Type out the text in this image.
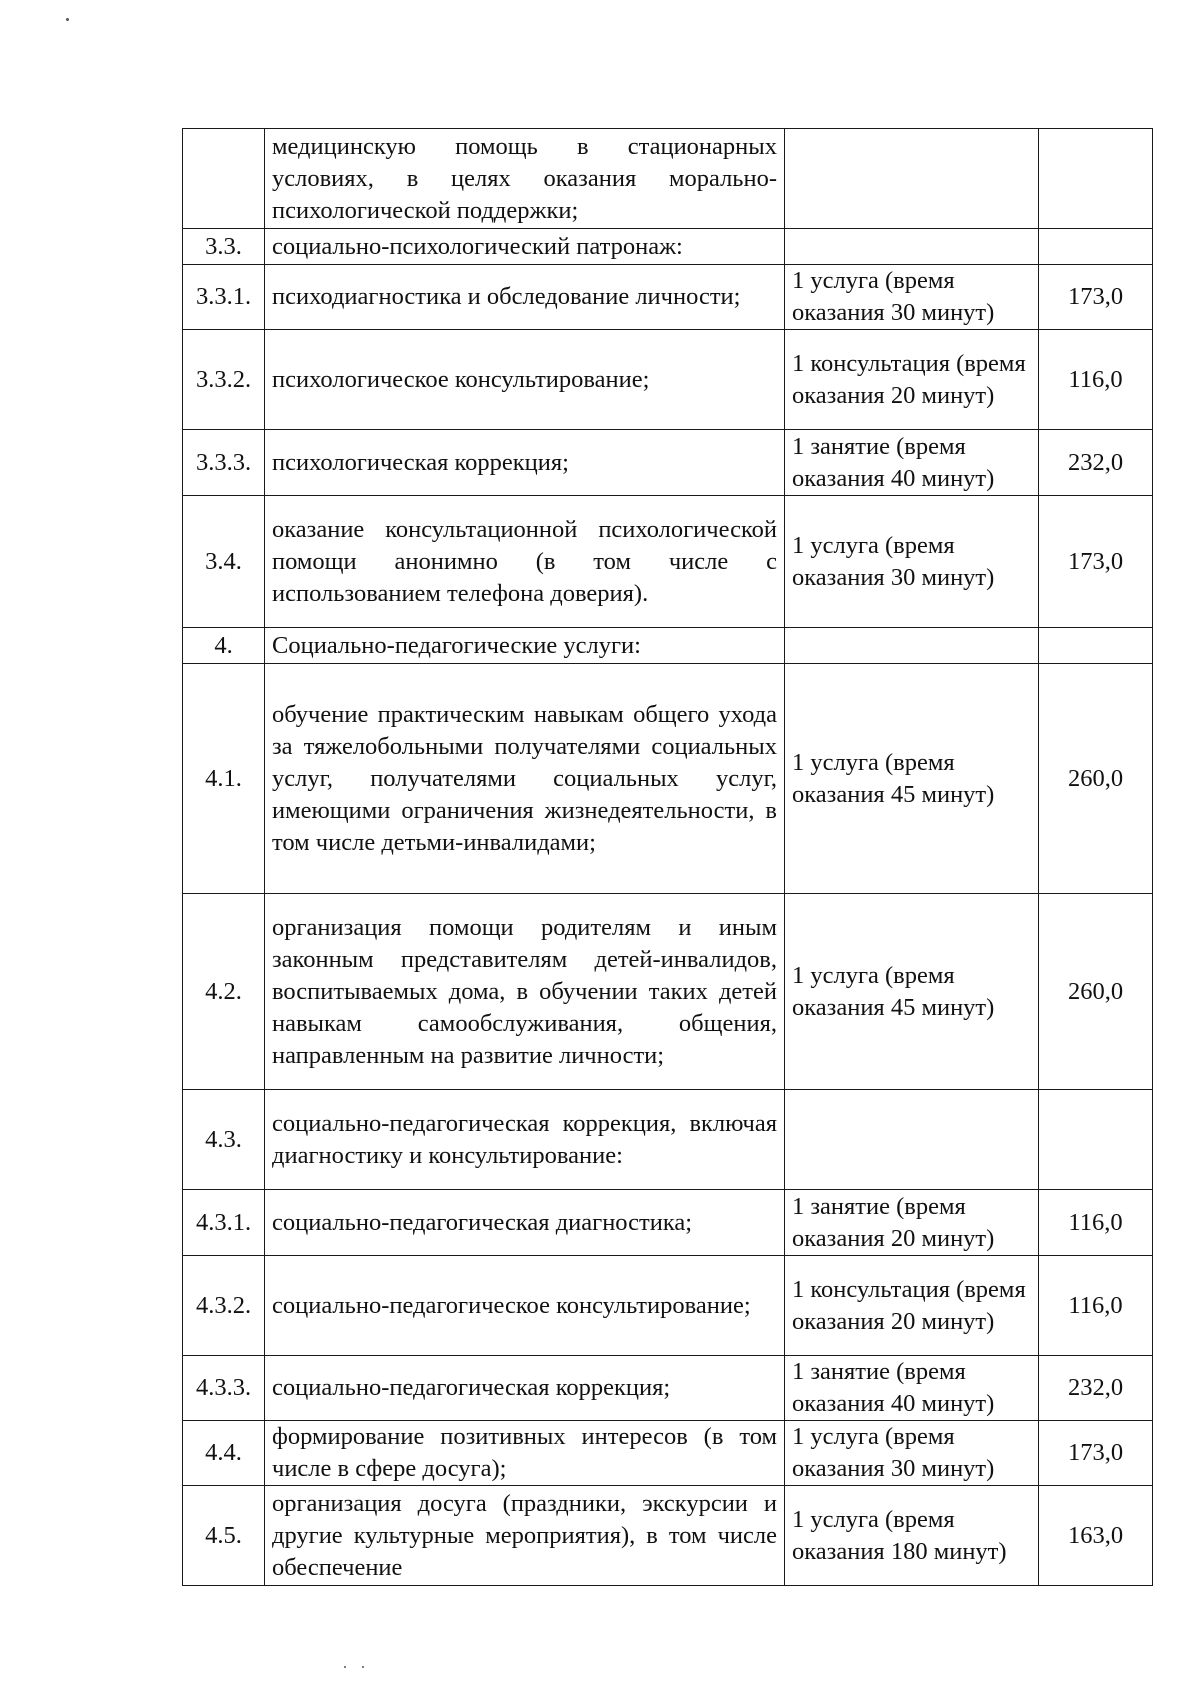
	медицинскую помощь в стационарных условиях, в целях оказания морально-психологической поддержки;		
3.3.	социально-психологический патронаж:		
3.3.1.	психодиагностика и обследование личности;	1 услуга (время оказания 30 минут)	173,0
3.3.2.	психологическое консультирование;	1 консультация (время оказания 20 минут)	116,0
3.3.3.	психологическая коррекция;	1 занятие (время оказания 40 минут)	232,0
3.4.	оказание консультационной психологической помощи анонимно (в том числе с использованием телефона доверия).	1 услуга (время оказания 30 минут)	173,0
4.	Социально-педагогические услуги:		
4.1.	обучение практическим навыкам общего ухода за тяжелобольными получателями социальных услуг, получателями социальных услуг, имеющими ограничения жизнедеятельности, в том числе детьми-инвалидами;	1 услуга (время оказания 45 минут)	260,0
4.2.	организация помощи родителям и иным законным представителям детей-инвалидов, воспитываемых дома, в обучении таких детей навыкам самообслуживания, общения, направленным на развитие личности;	1 услуга (время оказания 45 минут)	260,0
4.3.	социально-педагогическая коррекция, включая диагностику и консультирование:		
4.3.1.	социально-педагогическая диагностика;	1 занятие (время оказания 20 минут)	116,0
4.3.2.	социально-педагогическое консультирование;	1 консультация (время оказания 20 минут)	116,0
4.3.3.	социально-педагогическая коррекция;	1 занятие (время оказания 40 минут)	232,0
4.4.	формирование позитивных интересов (в том числе в сфере досуга);	1 услуга (время оказания 30 минут)	173,0
4.5.	организация досуга (праздники, экскурсии и другие культурные мероприятия), в том числе обеспечение	1 услуга (время оказания 180 минут)	163,0
